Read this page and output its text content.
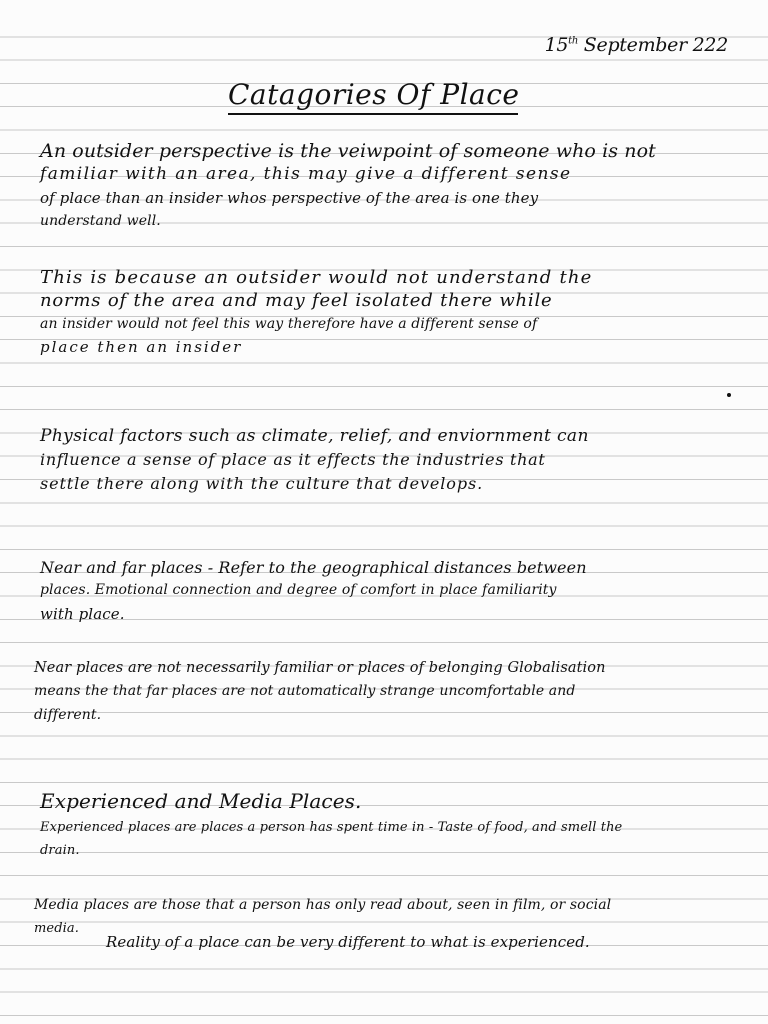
15th September 222
Catagories Of Place
An outsider perspective is the veiwpoint of someone who is not
familiar with an area, this may give a different sense
of place than an insider whos perspective of the area is one they
understand well.
This is because an outsider would not understand the
norms of the area and may feel isolated there while
an insider would not feel this way therefore have a different sense of
place then an insider
Physical factors such as climate, relief, and enviornment can
influence a sense of place as it effects the industries that
settle there along with the culture that develops.
Near and far places - Refer to the geographical distances between
places. Emotional connection and degree of comfort in place familiarity
with place.
Near places are not necessarily familiar or places of belonging Globalisation
means the that far places are not automatically strange uncomfortable and
different.
Experienced and Media Places.
Experienced places are places a person has spent time in - Taste of food, and smell the
drain.
Media places are those that a person has only read about, seen in film, or social
media.
Reality of a place can be very different to what is experienced.
